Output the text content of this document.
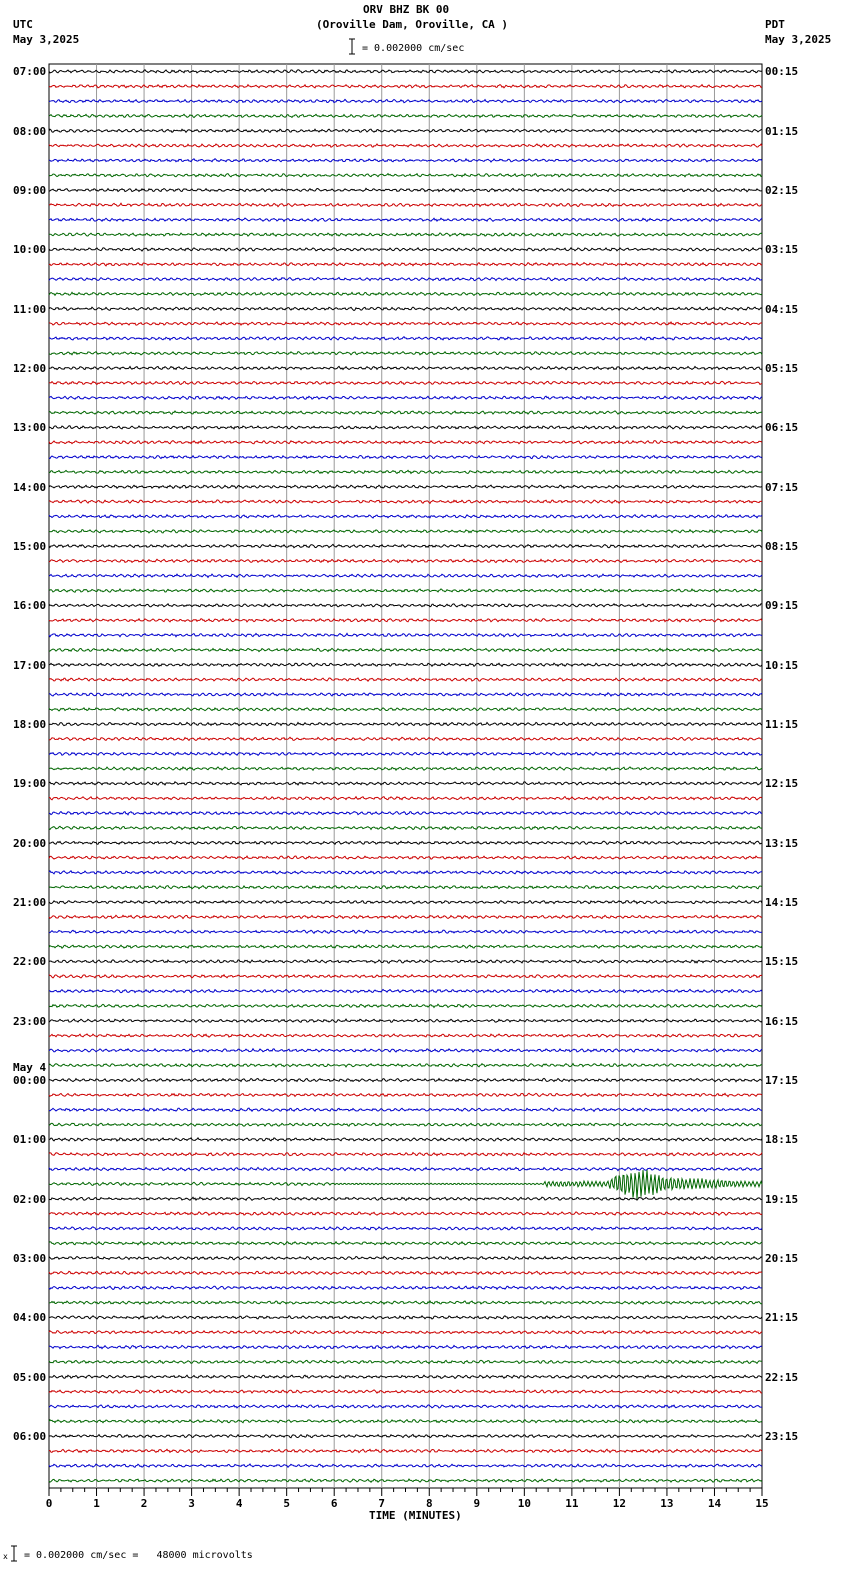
ORV BHZ BK 00
(Oroville Dam, Oroville, CA )
UTC
May 3,2025
PDT
May 3,2025
= 0.002000 cm/sec
0	1	2	3	4	5	6	7	8	9	10	11	12	13	14	15
07:00
08:00
09:00
10:00
11:00
12:00
13:00
14:00
15:00
16:00
17:00
18:00
19:00
20:00
21:00
22:00
23:00
00:00
01:00
02:00
03:00
04:00
05:00
06:00
00:15
01:15
02:15
03:15
04:15
05:15
06:15
07:15
08:15
09:15
10:15
11:15
12:15
13:15
14:15
15:15
16:15
17:15
18:15
19:15
20:15
21:15
22:15
23:15
May 4
TIME (MINUTES)
x = 0.002000 cm/sec =   48000 microvolts
